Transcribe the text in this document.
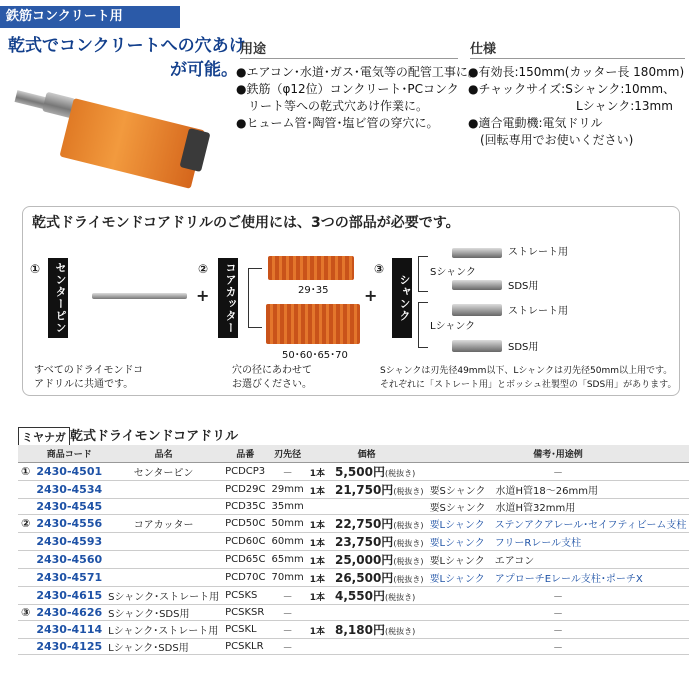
鉄筋コンクリート用
乾式でコンクリートへの穴あけ
が可能。
用途
●エアコン･水道･ガス･電気等の配管工事に。
●鉄筋（φ12位）コンクリート･PCコンク
　リート等への乾式穴あけ作業に。
●ヒューム管･陶管･塩ビ管の穿穴に。
仕様
●有効長:150mm(カッター長 180mm)
●チャックサイズ:Sシャンク:10mm、
　　　　　　　　　Lシャンク:13mm
●適合電動機:電気ドリル
　(回転専用でお使いください)
乾式ドライモンドコアドリルのご使用には、3つの部品が必要です。
①	センターピン
すべてのドライモンドコ
アドリルに共通です。
+
②	コアカッター	29･35
50･60･65･70
穴の径にあわせて
お選びください。
+
③
シャンク
Sシャンク
Lシャンク
ストレート用
SDS用
ストレート用
SDS用
Sシャンクは刃先径49mm以下、Lシャンクは刃先径50mm以上用です。
それぞれに「ストレート用」とボッシュ社製型の「SDS用」があります。
ミヤナガ 乾式ドライモンドコアドリル
	商品コード	品名	品番	刃先径	価格	備考･用途例
①	2430-4501	センターピン	PCDCP3	－	1本　 5,500円(税抜き)	－
	2430-4534		PCD29C	29mm	1本　 21,750円(税抜き)	要Sシャンク　水道H管18～26mm用
	2430-4545		PCD35C	35mm		要Sシャンク　水道H管32mm用
②	2430-4556	コアカッター	PCD50C	50mm	1本　 22,750円(税抜き)	要Lシャンク　ステンアクアレール･セイフティビーム支柱
	2430-4593		PCD60C	60mm	1本　 23,750円(税抜き)	要Lシャンク　フリーRレール支柱
	2430-4560		PCD65C	65mm	1本　 25,000円(税抜き)	要Lシャンク　エアコン
	2430-4571		PCD70C	70mm	1本　 26,500円(税抜き)	要Lシャンク　アプローチEレール支柱･ポーチX
	2430-4615	Sシャンク･ストレート用	PCSKS	－	1本　 4,550円(税抜き)	－
③	2430-4626	Sシャンク･SDS用	PCSKSR	－		－
	2430-4114	Lシャンク･ストレート用	PCSKL	－	1本　 8,180円(税抜き)	－
	2430-4125	Lシャンク･SDS用	PCSKLR	－		－
